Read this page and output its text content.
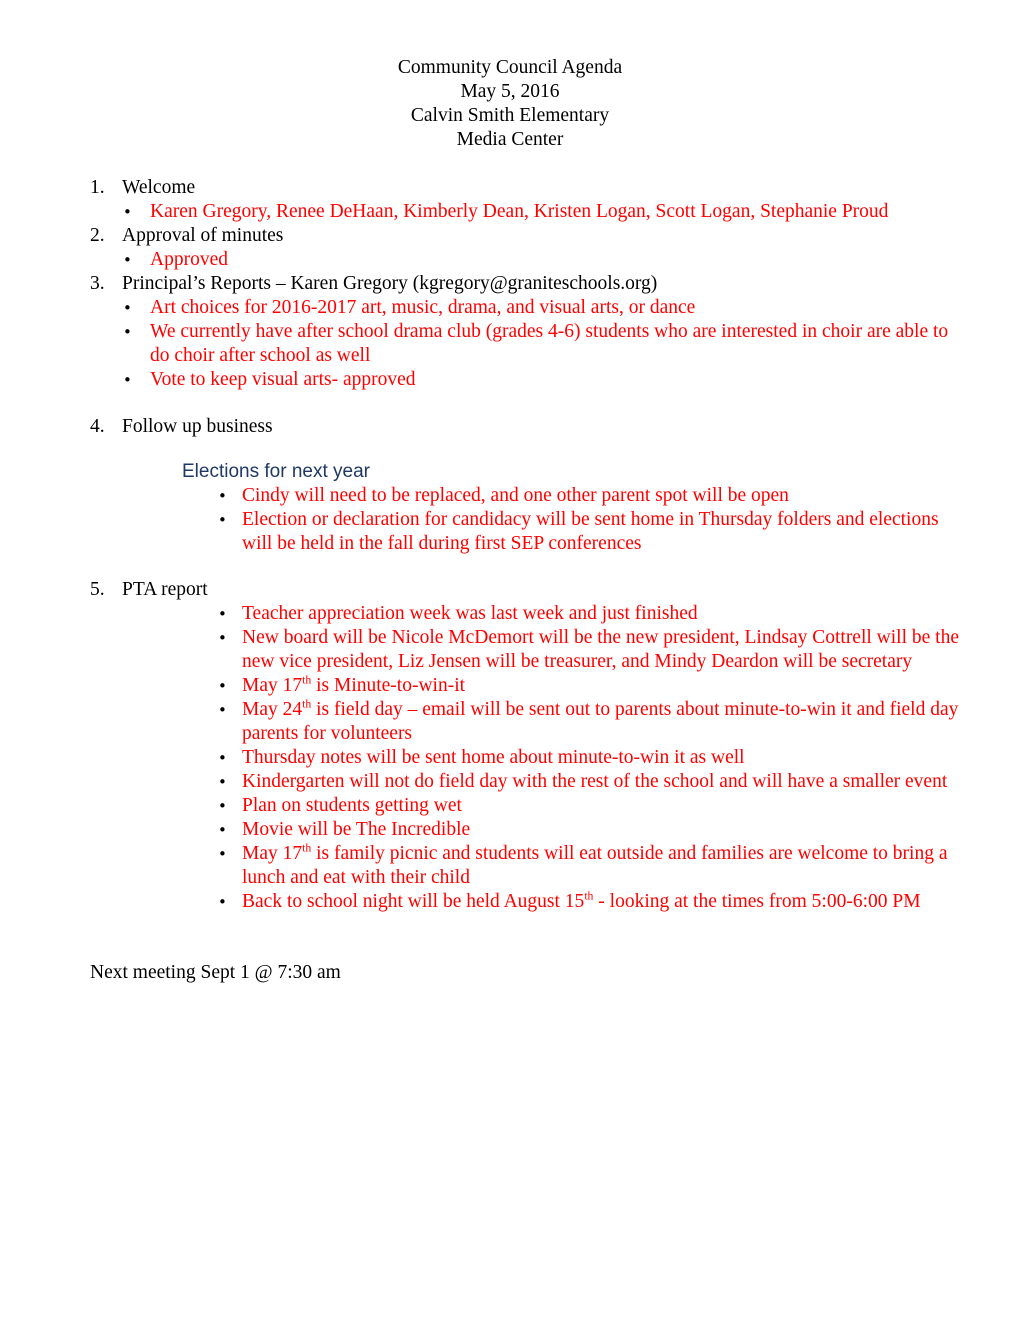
Community Council Agenda
May 5, 2016
Calvin Smith Elementary
Media Center
1. Welcome
• Karen Gregory, Renee DeHaan, Kimberly Dean, Kristen Logan, Scott Logan, Stephanie Proud
2. Approval of minutes
• Approved
3. Principal’s Reports – Karen Gregory (kgregory@graniteschools.org)
• Art choices for 2016-2017 art, music, drama, and visual arts, or dance
• We currently have after school drama club (grades 4-6) students who are interested in choir are able to do choir after school as well
• Vote to keep visual arts- approved
4. Follow up business
Elections for next year
• Cindy will need to be replaced, and one other parent spot will be open
• Election or declaration for candidacy will be sent home in Thursday folders and elections will be held in the fall during first SEP conferences
5. PTA report
• Teacher appreciation week was last week and just finished
• New board will be Nicole McDemort will be the new president, Lindsay Cottrell will be the new vice president, Liz Jensen will be treasurer, and Mindy Deardon will be secretary
• May 17th is Minute-to-win-it
• May 24th is field day – email will be sent out to parents about minute-to-win it and field day parents for volunteers
• Thursday notes will be sent home about minute-to-win it as well
• Kindergarten will not do field day with the rest of the school and will have a smaller event
• Plan on students getting wet
• Movie will be The Incredible
• May 17th is family picnic and students will eat outside and families are welcome to bring a lunch and eat with their child
• Back to school night will be held August 15th - looking at the times from 5:00-6:00 PM
Next meeting Sept 1 @ 7:30 am
